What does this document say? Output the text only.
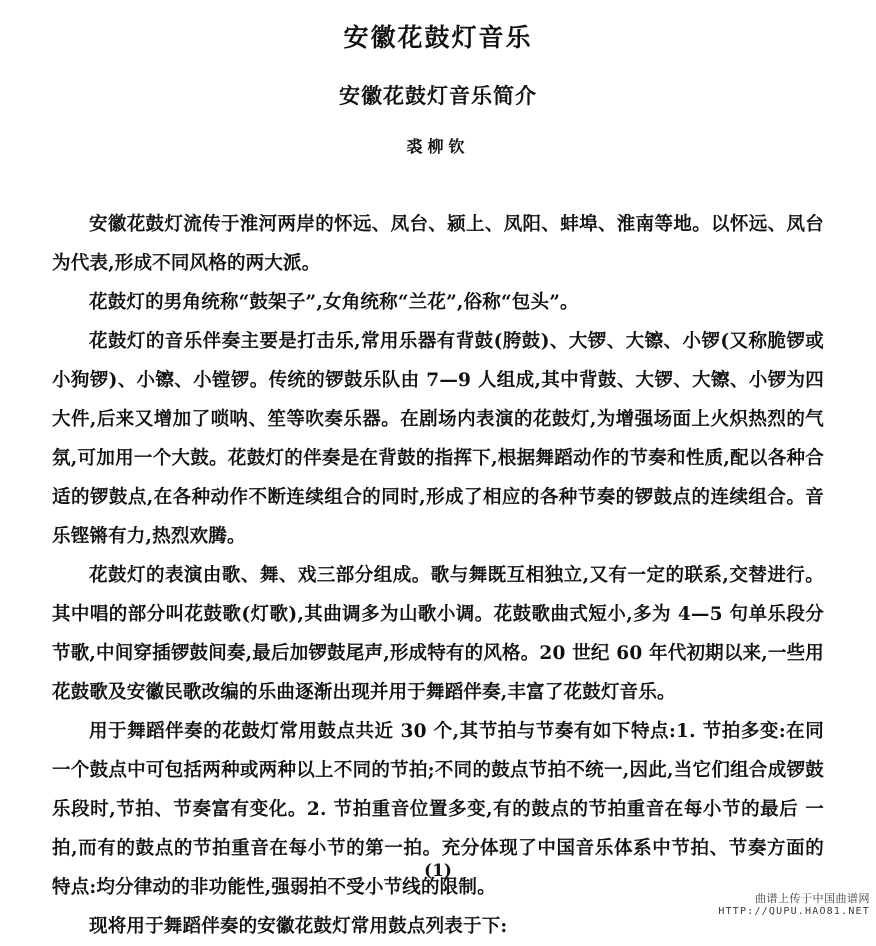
安徽花鼓灯音乐
安徽花鼓灯音乐简介
裘柳钦

安徽花鼓灯流传于淮河两岸的怀远、凤台、颍上、凤阳、蚌埠、淮南等地。以怀远、凤台为代表,形成不同风格的两大派。

花鼓灯的男角统称“鼓架子”,女角统称“兰花”,俗称“包头”。

花鼓灯的音乐伴奏主要是打击乐,常用乐器有背鼓(胯鼓)、大锣、大镲、小锣(又称脆锣或小狗锣)、小镲、小镗锣。传统的锣鼓乐队由 7—9 人组成,其中背鼓、大锣、大镲、小锣为四大件,后来又增加了唢呐、笙等吹奏乐器。在剧场内表演的花鼓灯,为增强场面上火炽热烈的气氛,可加用一个大鼓。花鼓灯的伴奏是在背鼓的指挥下,根据舞蹈动作的节奏和性质,配以各种合适的锣鼓点,在各种动作不断连续组合的同时,形成了相应的各种节奏的锣鼓点的连续组合。音乐铿锵有力,热烈欢腾。

花鼓灯的表演由歌、舞、戏三部分组成。歌与舞既互相独立,又有一定的联系,交替进行。其中唱的部分叫花鼓歌(灯歌),其曲调多为山歌小调。花鼓歌曲式短小,多为 4—5 句单乐段分节歌,中间穿插锣鼓间奏,最后加锣鼓尾声,形成特有的风格。20 世纪 60 年代初期以来,一些用花鼓歌及安徽民歌改编的乐曲逐渐出现并用于舞蹈伴奏,丰富了花鼓灯音乐。

用于舞蹈伴奏的花鼓灯常用鼓点共近 30 个,其节拍与节奏有如下特点:1. 节拍多变:在同一个鼓点中可包括两种或两种以上不同的节拍;不同的鼓点节拍不统一,因此,当它们组合成锣鼓乐段时,节拍、节奏富有变化。2. 节拍重音位置多变,有的鼓点的节拍重音在每小节的最后 一拍,而有的鼓点的节拍重音在每小节的第一拍。充分体现了中国音乐体系中节拍、节奏方面的特点:均分律动的非功能性,强弱拍不受小节线的限制。

现将用于舞蹈伴奏的安徽花鼓灯常用鼓点列表于下:

(1)
曲谱上传于中国曲谱网
HTTP://QUPU.HAO81.NET
